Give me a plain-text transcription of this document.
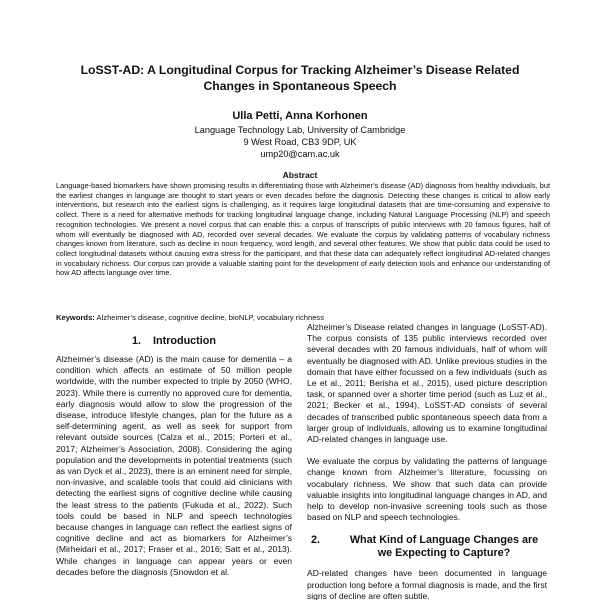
LoSST-AD: A Longitudinal Corpus for Tracking Alzheimer’s Disease Related
Changes in Spontaneous Speech
Ulla Petti, Anna Korhonen
Language Technology Lab, University of Cambridge
9 West Road, CB3 9DP, UK
ump20@cam.ac.uk
Abstract
Language-based biomarkers have shown promising results in differentiating those with Alzheimer’s disease (AD) diagnosis from healthy individuals, but the earliest changes in language are thought to start years or even decades before the diagnosis. Detecting these changes is critical to allow early interventions, but research into the earliest signs is challenging, as it requires large longitudinal datasets that are time-consuming and expensive to collect. There is a need for alternative methods for tracking longitudinal language change, including Natural Language Processing (NLP) and speech recognition technologies. We present a novel corpus that can enable this: a corpus of transcripts of public interviews with 20 famous figures, half of whom will eventually be diagnosed with AD, recorded over several decades. We evaluate the corpus by validating patterns of vocabulary richness changes known from literature, such as decline in noun frequency, word length, and several other features. We show that public data could be used to collect longitudinal datasets without causing extra stress for the participant, and that these data can adequately reflect longitudinal AD-related changes in vocabulary richness. Our corpus can provide a valuable starting point for the development of early detection tools and enhance our understanding of how AD affects language over time.
Keywords: Alzheimer’s disease, cognitive decline, bioNLP, vocabulary richness
1.    Introduction

Alzheimer’s disease (AD) is the main cause for dementia – a condition which affects an estimate of 50 million people worldwide, with the number expected to triple by 2050 (WHO, 2023). While there is currently no approved cure for dementia, early diagnosis would allow to slow the progression of the disease, introduce lifestyle changes, plan for the future as a self-determining agent, as well as seek for support from relevant outside sources (Calza et al., 2015; Porteri et al., 2017; Alzheimer’s Association, 2008). Considering the aging population and the developments in potential treatments (such as van Dyck et al., 2023), there is an eminent need for simple, non-invasive, and scalable tools that could aid clinicians with detecting the earliest signs of cognitive decline while causing the least stress to the patients (Fukuda et al., 2022). Such tools could be based in NLP and speech technologies because changes in language can reflect the earliest signs of cognitive decline and act as biomarkers for Alzheimer’s (Mirheidari et al., 2017; Fraser et al., 2016; Satt et al., 2013). While changes in language can appear years or even decades before the diagnosis (Snowdon et al.

Alzheimer’s Disease related changes in language (LoSST-AD). The corpus consists of 135 public interviews recorded over several decades with 20 famous individuals, half of whom will eventually be diagnosed with AD. Unlike previous studies in the domain that have either focussed on a few individuals (such as Le et al., 2011; Berisha et al., 2015), used picture description task, or spanned over a shorter time period (such as Luz et al., 2021; Becker et al., 1994), LoSST-AD consists of several decades of transcribed public spontaneous speech data from a larger group of individuals, allowing us to examine longitudinal AD-related changes in language use.

We evaluate the corpus by validating the patterns of language change known from Alzheimer’s literature, focussing on vocabulary richness. We show that such data can provide valuable insights into longitudinal language changes in AD, and help to develop non-invasive screening tools such as those based on NLP and speech technologies.

2.	What Kind of Language Changes are
we Expecting to Capture?

AD-related changes have been documented in language production long before a formal diagnosis is made, and the first signs of decline are often subtle.
